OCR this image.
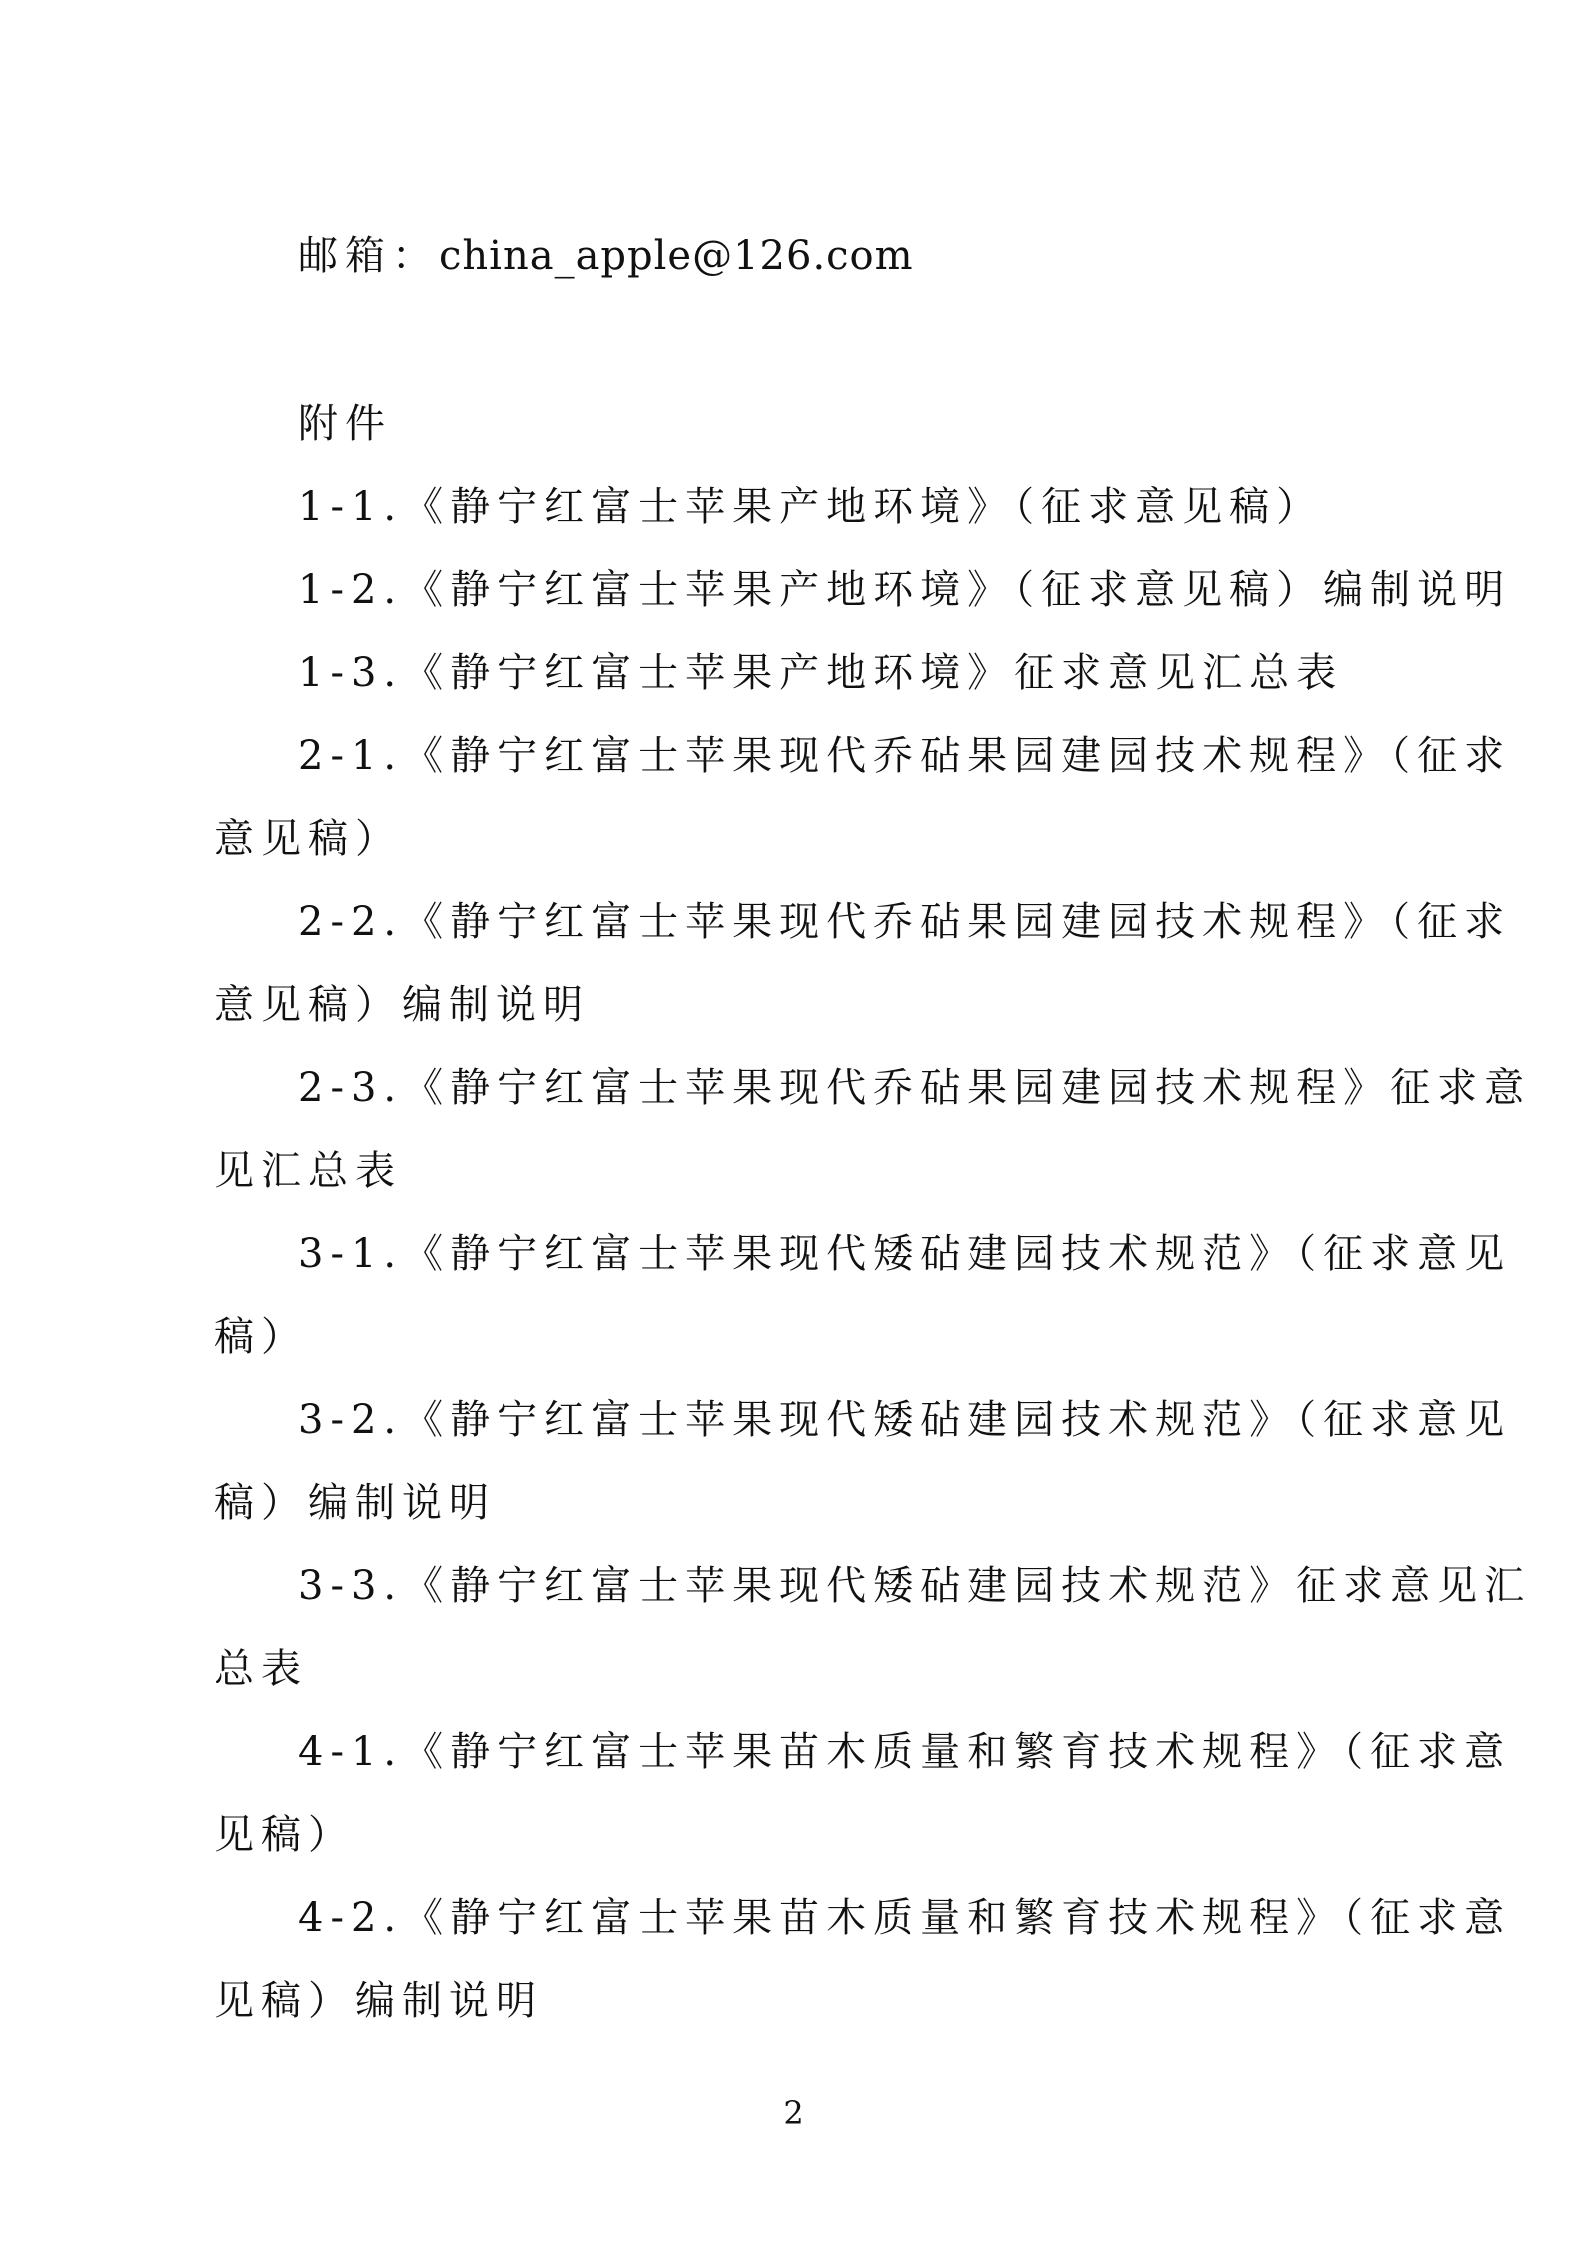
邮箱：china_apple@126.com
附件
1-1.《静宁红富士苹果产地环境》（征求意见稿）
1-2.《静宁红富士苹果产地环境》（征求意见稿）编制说明
1-3.《静宁红富士苹果产地环境》征求意见汇总表
2-1.《静宁红富士苹果现代乔砧果园建园技术规程》（征求
意见稿）
2-2.《静宁红富士苹果现代乔砧果园建园技术规程》（征求
意见稿）编制说明
2-3.《静宁红富士苹果现代乔砧果园建园技术规程》征求意
见汇总表
3-1.《静宁红富士苹果现代矮砧建园技术规范》（征求意见
稿）
3-2.《静宁红富士苹果现代矮砧建园技术规范》（征求意见
稿）编制说明
3-3.《静宁红富士苹果现代矮砧建园技术规范》征求意见汇
总表
4-1.《静宁红富士苹果苗木质量和繁育技术规程》（征求意
见稿）
4-2.《静宁红富士苹果苗木质量和繁育技术规程》（征求意
见稿）编制说明
2
